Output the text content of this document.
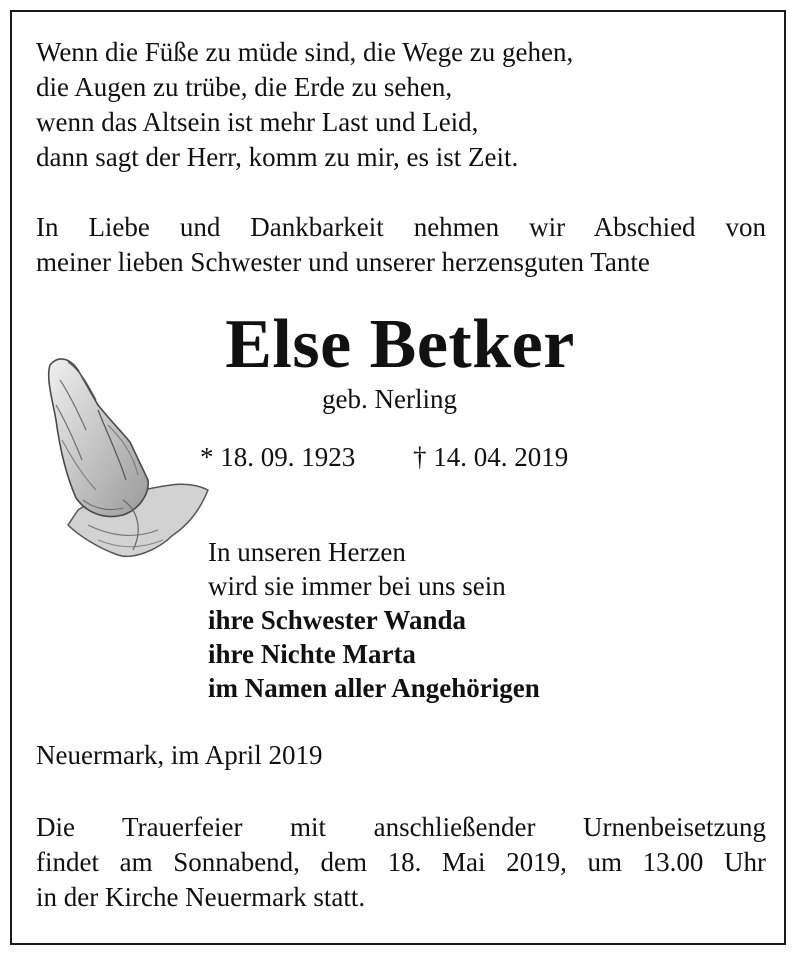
Wenn die Füße zu müde sind, die Wege zu gehen,
die Augen zu trübe, die Erde zu sehen,
wenn das Altsein ist mehr Last und Leid,
dann sagt der Herr, komm zu mir, es ist Zeit.
In Liebe und Dankbarkeit nehmen wir Abschied von
meiner lieben Schwester und unserer herzensguten Tante
Else Betker
geb. Nerling
* 18. 09. 1923 † 14. 04. 2019
In unseren Herzen
wird sie immer bei uns sein
ihre Schwester Wanda
ihre Nichte Marta
im Namen aller Angehörigen
Neuermark, im April 2019
Die Trauerfeier mit anschließender Urnenbeisetzung
findet am Sonnabend, dem 18. Mai 2019, um 13.00 Uhr
in der Kirche Neuermark statt.
